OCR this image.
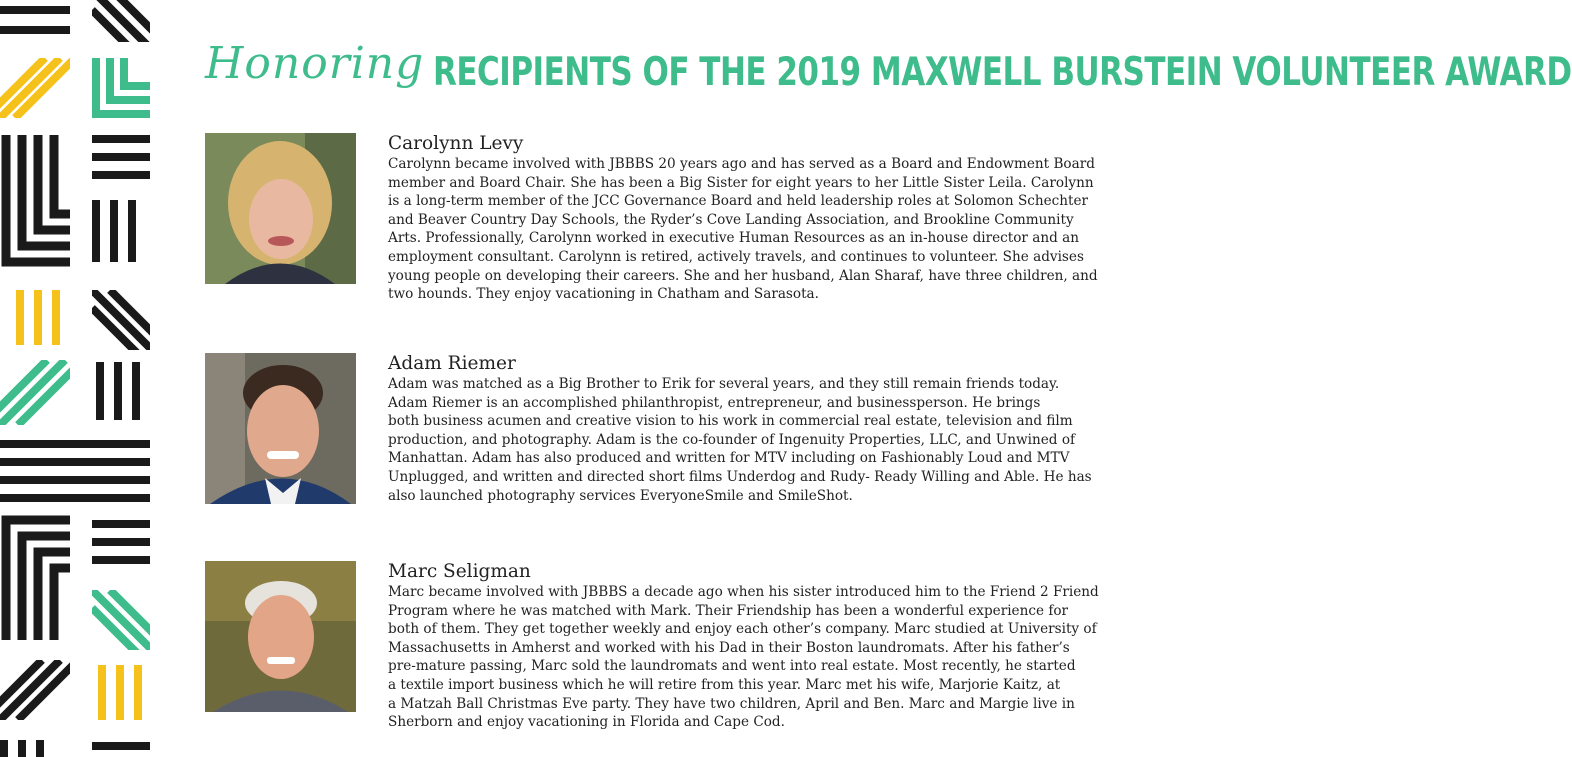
Honoring RECIPIENTS OF THE 2019 MAXWELL BURSTEIN VOLUNTEER AWARD
Carolynn Levy
Carolynn became involved with JBBBS 20 years ago and has served as a Board and Endowment Board
member and Board Chair. She has been a Big Sister for eight years to her Little Sister Leila. Carolynn
is a long-term member of the JCC Governance Board and held leadership roles at Solomon Schechter
and Beaver Country Day Schools, the Ryder’s Cove Landing Association, and Brookline Community
Arts. Professionally, Carolynn worked in executive Human Resources as an in-house director and an
employment consultant. Carolynn is retired, actively travels, and continues to volunteer. She advises
young people on developing their careers. She and her husband, Alan Sharaf, have three children, and
two hounds. They enjoy vacationing in Chatham and Sarasota.
Adam Riemer
Adam was matched as a Big Brother to Erik for several years, and they still remain friends today.
Adam Riemer is an accomplished philanthropist, entrepreneur, and businessperson. He brings
both business acumen and creative vision to his work in commercial real estate, television and film
production, and photography. Adam is the co-founder of Ingenuity Properties, LLC, and Unwined of
Manhattan. Adam has also produced and written for MTV including on Fashionably Loud and MTV
Unplugged, and written and directed short films Underdog and Rudy- Ready Willing and Able. He has
also launched photography services EveryoneSmile and SmileShot.
Marc Seligman
Marc became involved with JBBBS a decade ago when his sister introduced him to the Friend 2 Friend
Program where he was matched with Mark. Their Friendship has been a wonderful experience for
both of them. They get together weekly and enjoy each other’s company. Marc studied at University of
Massachusetts in Amherst and worked with his Dad in their Boston laundromats. After his father’s
pre-mature passing, Marc sold the laundromats and went into real estate. Most recently, he started
a textile import business which he will retire from this year. Marc met his wife, Marjorie Kaitz, at
a Matzah Ball Christmas Eve party. They have two children, April and Ben. Marc and Margie live in
Sherborn and enjoy vacationing in Florida and Cape Cod.
